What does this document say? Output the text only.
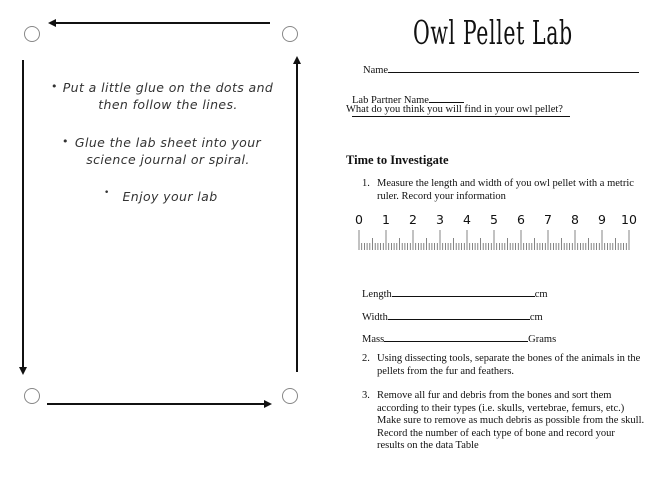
• Put a little glue on the dots and
then follow the lines.
• Glue the lab sheet into your
science journal or spiral.
•	Enjoy your lab
Owl Pellet Lab
Name
Lab Partner Name
What do you think you will find in your owl pellet?
Time to Investigate
1. Measure the length and width of you owl pellet with a metric
ruler. Record your information
0 1 2 3 4 5 6 7 8 9 10
Length	cm
Width	cm
Mass	Grams
2. Using dissecting tools, separate the bones of the animals in the
pellets from the fur and feathers.
3. Remove all fur and debris from the bones and sort them
according to their types (i.e. skulls, vertebrae, femurs, etc.)
Make sure to remove as much debris as possible from the skull.
Record the number of each type of bone and record your
results on the data Table
